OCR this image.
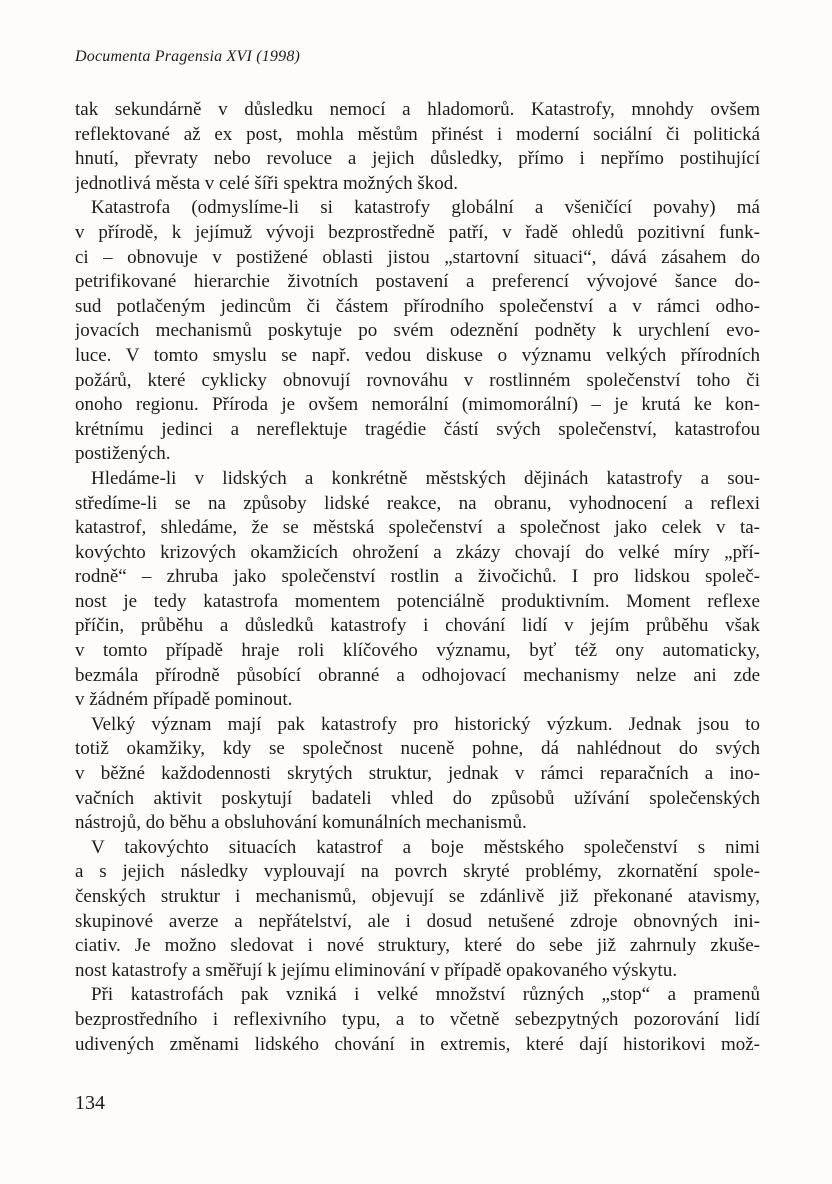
Documenta Pragensia XVI (1998)
tak sekundárně v důsledku nemocí a hladomorů. Katastrofy, mnohdy ovšem
reflektované až ex post, mohla městům přinést i moderní sociální či politická
hnutí, převraty nebo revoluce a jejich důsledky, přímo i nepřímo postihující
jednotlivá města v celé šíři spektra možných škod.
Katastrofa (odmyslíme-li si katastrofy globální a všeničící povahy) má
v přírodě, k jejímuž vývoji bezprostředně patří, v řadě ohledů pozitivní funk-
ci – obnovuje v postižené oblasti jistou „startovní situaci“, dává zásahem do
petrifikované hierarchie životních postavení a preferencí vývojové šance do-
sud potlačeným jedincům či částem přírodního společenství a v rámci odho-
jovacích mechanismů poskytuje po svém odeznění podněty k urychlení evo-
luce. V tomto smyslu se např. vedou diskuse o významu velkých přírodních
požárů, které cyklicky obnovují rovnováhu v rostlinném společenství toho či
onoho regionu. Příroda je ovšem nemorální (mimomorální) – je krutá ke kon-
krétnímu jedinci a nereflektuje tragédie částí svých společenství, katastrofou
postižených.
Hledáme-li v lidských a konkrétně městských dějinách katastrofy a sou-
středíme-li se na způsoby lidské reakce, na obranu, vyhodnocení a reflexi
katastrof, shledáme, že se městská společenství a společnost jako celek v ta-
kovýchto krizových okamžicích ohrožení a zkázy chovají do velké míry „pří-
rodně“ – zhruba jako společenství rostlin a živočichů. I pro lidskou společ-
nost je tedy katastrofa momentem potenciálně produktivním. Moment reflexe
příčin, průběhu a důsledků katastrofy i chování lidí v jejím průběhu však
v tomto případě hraje roli klíčového významu, byť též ony automaticky,
bezmála přírodně působící obranné a odhojovací mechanismy nelze ani zde
v žádném případě pominout.
Velký význam mají pak katastrofy pro historický výzkum. Jednak jsou to
totiž okamžiky, kdy se společnost nuceně pohne, dá nahlédnout do svých
v běžné každodennosti skrytých struktur, jednak v rámci reparačních a ino-
vačních aktivit poskytují badateli vhled do způsobů užívání společenských
nástrojů, do běhu a obsluhování komunálních mechanismů.
V takovýchto situacích katastrof a boje městského společenství s nimi
a s jejich následky vyplouvají na povrch skryté problémy, zkornatění spole-
čenských struktur i mechanismů, objevují se zdánlivě již překonané atavismy,
skupinové averze a nepřátelství, ale i dosud netušené zdroje obnovných ini-
ciativ. Je možno sledovat i nové struktury, které do sebe již zahrnuly zkuše-
nost katastrofy a směřují k jejímu eliminování v případě opakovaného výskytu.
Při katastrofách pak vzniká i velké množství různých „stop“ a pramenů
bezprostředního i reflexivního typu, a to včetně sebezpytných pozorování lidí
udivených změnami lidského chování in extremis, které dají historikovi mož-
134
